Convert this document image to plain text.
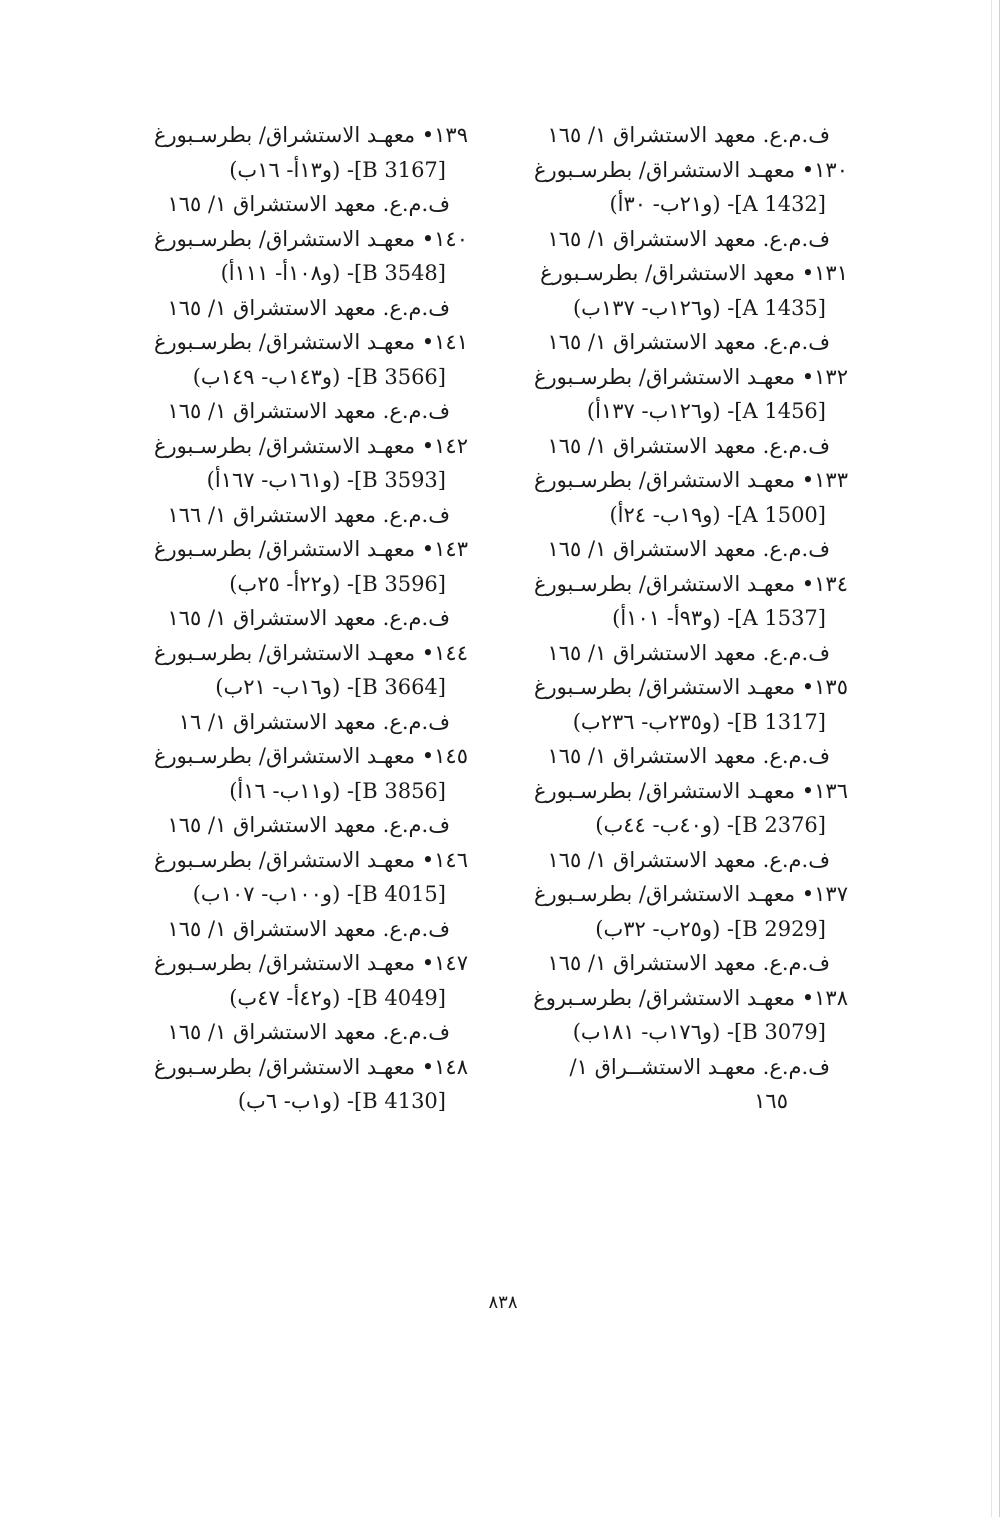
ف.م.ع. معهد الاستشراق ١/ ١٦٥
١٣٠• معهـد الاستشراق/ بطرسـبورغ
[A 1432]- (و٢١ب- ٣٠أ)
ف.م.ع. معهد الاستشراق ١/ ١٦٥
١٣١• معهد الاستشراق/ بطرسـبورغ
[A 1435]- (و١٢٦ب- ١٣٧ب)
ف.م.ع. معهد الاستشراق ١/ ١٦٥
١٣٢• معهـد الاستشراق/ بطرسـبورغ
[A 1456]- (و١٢٦ب- ١٣٧أ)
ف.م.ع. معهد الاستشراق ١/ ١٦٥
١٣٣• معهـد الاستشراق/ بطرسـبورغ
[A 1500]- (و١٩ب- ٢٤أ)
ف.م.ع. معهد الاستشراق ١/ ١٦٥
١٣٤• معهـد الاستشراق/ بطرسـبورغ
[A 1537]- (و٩٣أ- ١٠١أ)
ف.م.ع. معهد الاستشراق ١/ ١٦٥
١٣٥• معهـد الاستشراق/ بطرسـبورغ
[B 1317]- (و٢٣٥ب- ٢٣٦ب)
ف.م.ع. معهد الاستشراق ١/ ١٦٥
١٣٦• معهـد الاستشراق/ بطرسـبورغ
[B 2376]- (و٤٠ب- ٤٤ب)
ف.م.ع. معهد الاستشراق ١/ ١٦٥
١٣٧• معهـد الاستشراق/ بطرسـبورغ
[B 2929]- (و٢٥ب- ٣٢ب)
ف.م.ع. معهد الاستشراق ١/ ١٦٥
١٣٨• معهـد الاستشراق/ بطرسـبروغ
[B 3079]- (و١٧٦ب- ١٨١ب)
ف.م.ع. معهـد الاستشــراق ١/
١٦٥
١٣٩• معهـد الاستشراق/ بطرسـبورغ
[B 3167]- (و١٣أ- ١٦ب)
ف.م.ع. معهد الاستشراق ١/ ١٦٥
١٤٠• معهـد الاستشراق/ بطرسـبورغ
[B 3548]- (و١٠٨أ- ١١١أ)
ف.م.ع. معهد الاستشراق ١/ ١٦٥
١٤١• معهـد الاستشراق/ بطرسـبورغ
[B 3566]- (و١٤٣ب- ١٤٩ب)
ف.م.ع. معهد الاستشراق ١/ ١٦٥
١٤٢• معهـد الاستشراق/ بطرسـبورغ
[B 3593]- (و١٦١ب- ١٦٧أ)
ف.م.ع. معهد الاستشراق ١/ ١٦٦
١٤٣• معهـد الاستشراق/ بطرسـبورغ
[B 3596]- (و٢٢أ- ٢٥ب)
ف.م.ع. معهد الاستشراق ١/ ١٦٥
١٤٤• معهـد الاستشراق/ بطرسـبورغ
[B 3664]- (و١٦ب- ٢١ب)
ف.م.ع. معهد الاستشراق ١/ ١٦
١٤٥• معهـد الاستشراق/ بطرسـبورغ
[B 3856]- (و١١ب- ١٦أ)
ف.م.ع. معهد الاستشراق ١/ ١٦٥
١٤٦• معهـد الاستشراق/ بطرسـبورغ
[B 4015]- (و١٠٠ب- ١٠٧ب)
ف.م.ع. معهد الاستشراق ١/ ١٦٥
١٤٧• معهـد الاستشراق/ بطرسـبورغ
[B 4049]- (و٤٢أ- ٤٧ب)
ف.م.ع. معهد الاستشراق ١/ ١٦٥
١٤٨• معهـد الاستشراق/ بطرسـبورغ
[B 4130]- (و١ب- ٦ب)
٨٣٨
